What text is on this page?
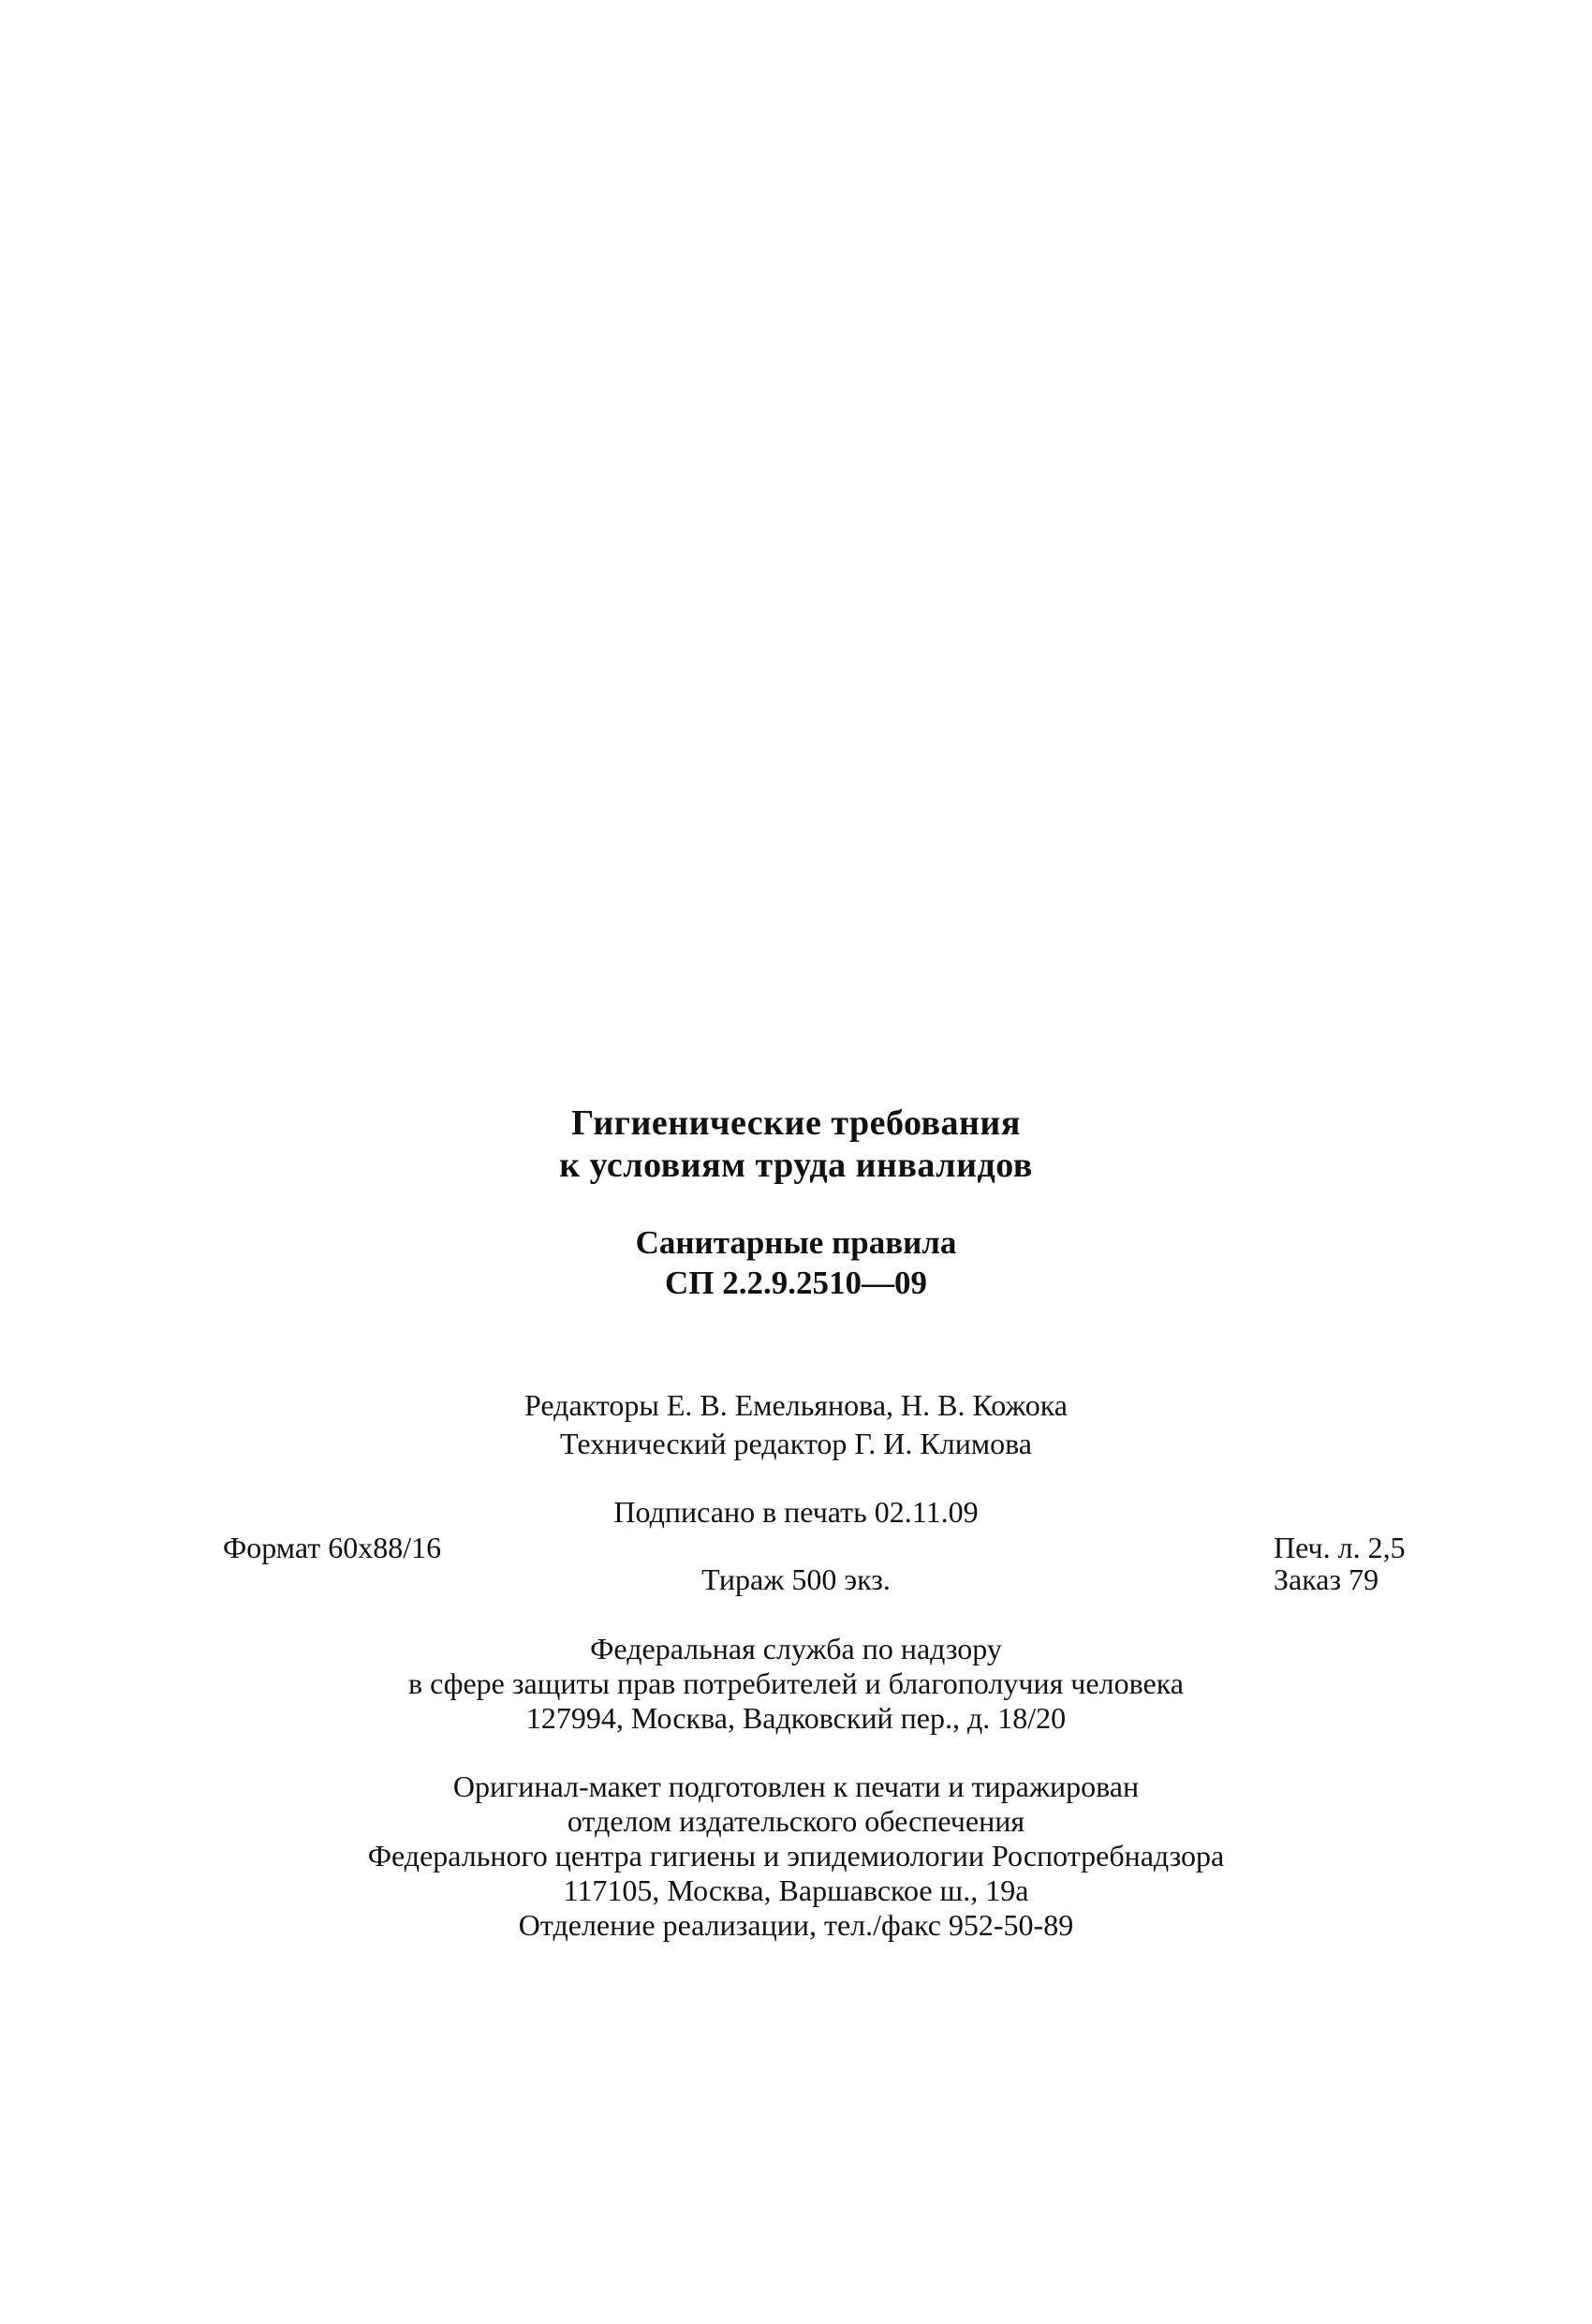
Гигиенические требования
к условиям труда инвалидов
Санитарные правила
СП 2.2.9.2510—09
Редакторы Е. В. Емельянова, Н. В. Кожока
Технический редактор Г. И. Климова
Подписано в печать 02.11.09
Формат 60х88/16	Печ. л. 2,5
Тираж 500 экз.	Заказ 79
Федеральная служба по надзору
в сфере защиты прав потребителей и благополучия человека
127994, Москва, Вадковский пер., д. 18/20
Оригинал-макет подготовлен к печати и тиражирован
отделом издательского обеспечения
Федерального центра гигиены и эпидемиологии Роспотребнадзора
117105, Москва, Варшавское ш., 19а
Отделение реализации, тел./факс 952-50-89
